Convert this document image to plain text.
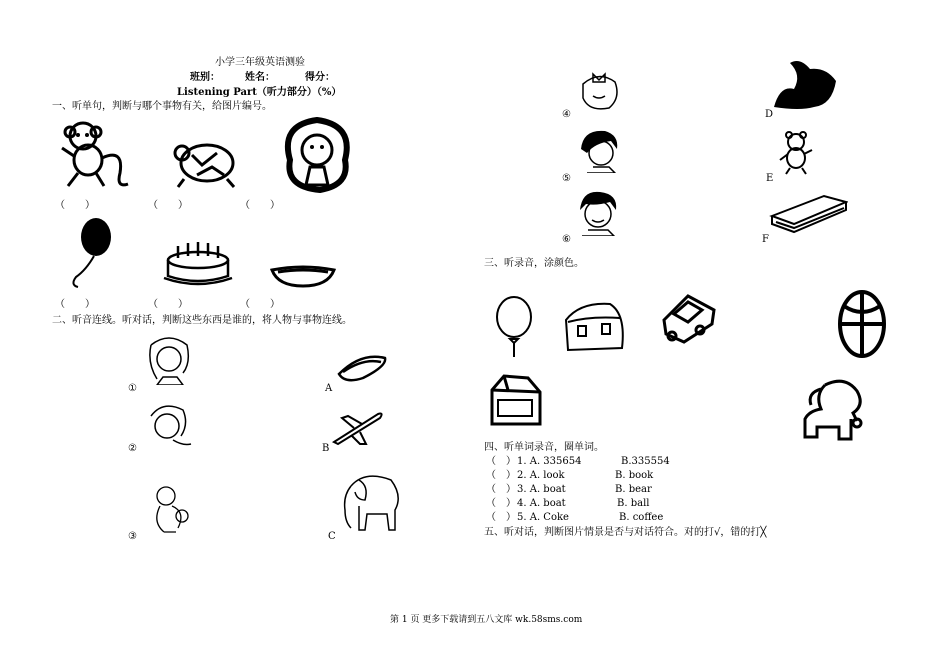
小学三年级英语测验
班别：	姓名：	得分：
Listening Part（听力部分）（%）
一、听单句，判断与哪个事物有关，给图片编号。
（　　）	（　　）	（　　）
（　　）	（　　）	（　　）
二、听音连线。听对话，判断这些东西是谁的，将人物与事物连线。
①	A
②	B
③	C
④	D
⑤	E
⑥	F
三、听录音，涂颜色。
四、听单词录音，圈单词。
（　） 1. A. 335654	B.335554
（　） 2. A. look	B. book
（　） 3. A. boat	B. bear
（　） 4. A. boat	B. ball
（　） 5. A. Coke	B. coffee
五、听对话，判断图片情景是否与对话符合。对的打√，错的打╳
第 1 页 更多下载请到五八文库 wk.58sms.com
